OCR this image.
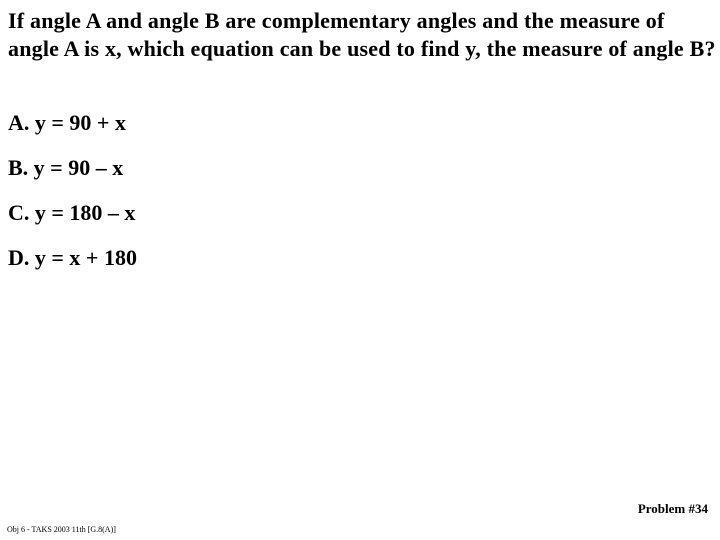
If angle A and angle B are complementary angles and the measure of angle A is x, which equation can be used to find y, the measure of angle B?

A. y = 90 + x
B. y = 90 – x
C. y = 180 – x
D. y = x + 180
Problem #34
Obj 6 - TAKS 2003 11th [G.8(A)]
